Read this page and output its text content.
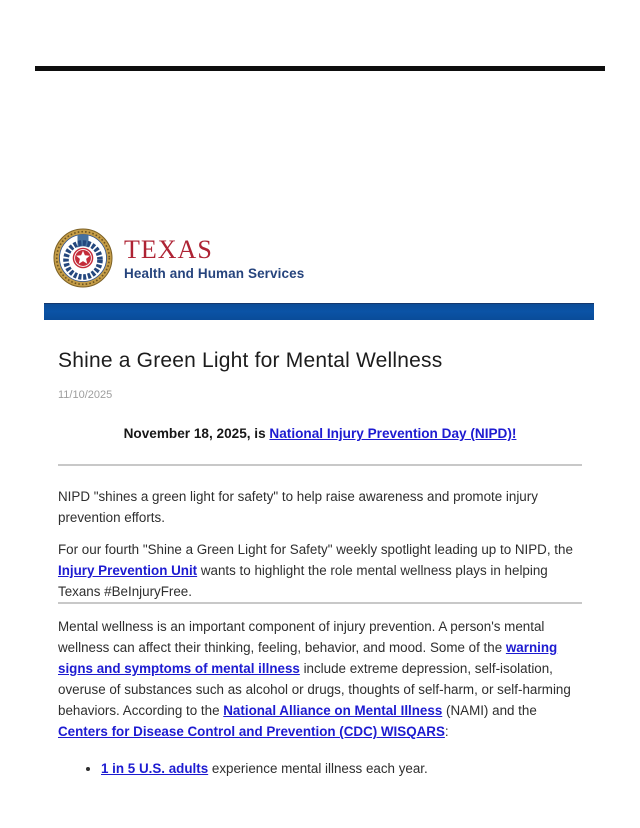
TEXAS
Health and Human Services
Shine a Green Light for Mental Wellness
11/10/2025
November 18, 2025, is National Injury Prevention Day (NIPD)!

NIPD "shines a green light for safety" to help raise awareness and promote injury prevention efforts.

For our fourth "Shine a Green Light for Safety" weekly spotlight leading up to NIPD, the Injury Prevention Unit wants to highlight the role mental wellness plays in helping Texans #BeInjuryFree.

Mental wellness is an important component of injury prevention. A person's mental wellness can affect their thinking, feeling, behavior, and mood. Some of the warning signs and symptoms of mental illness include extreme depression, self-isolation, overuse of substances such as alcohol or drugs, thoughts of self-harm, or self-harming behaviors. According to the National Alliance on Mental Illness (NAMI) and the Centers for Disease Control and Prevention (CDC) WISQARS:

• 1 in 5 U.S. adults experience mental illness each year.
